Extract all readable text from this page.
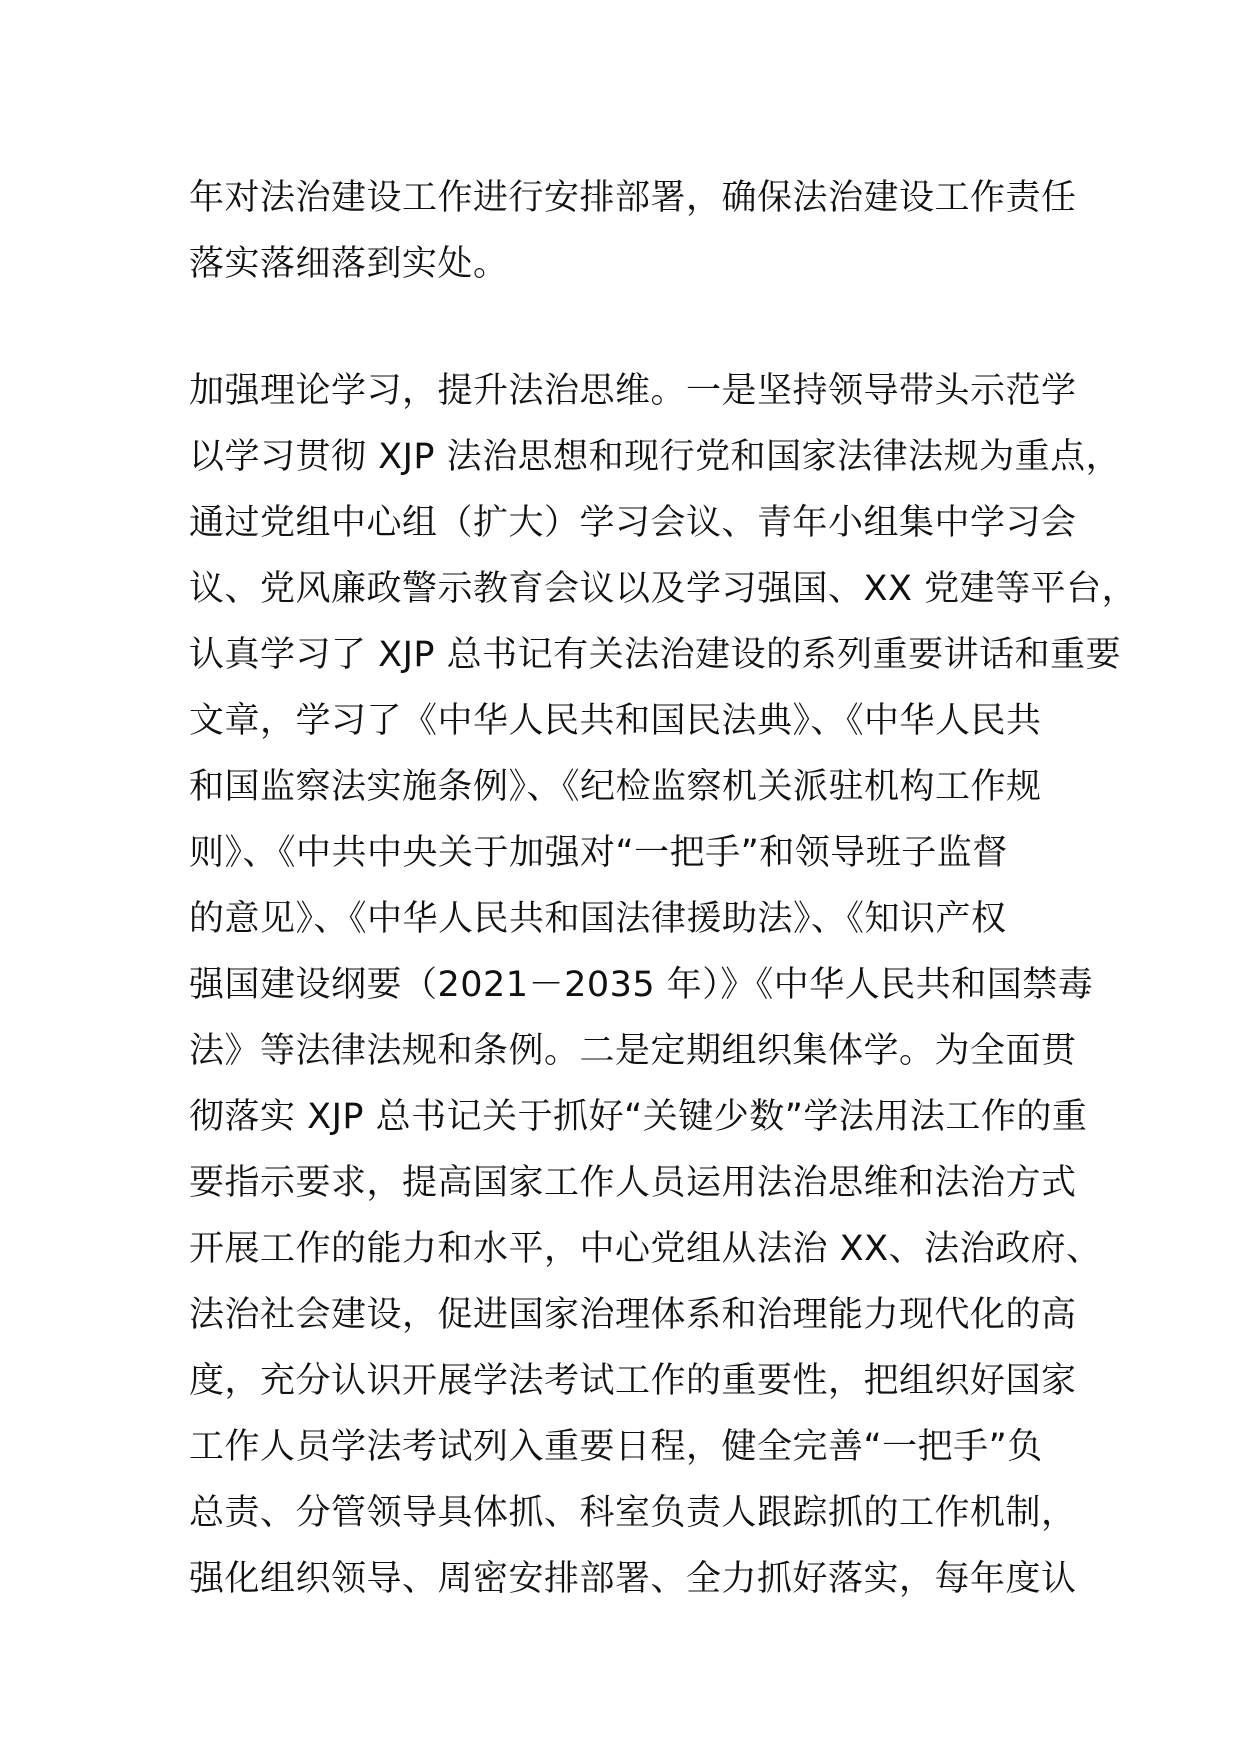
年对法治建设工作进行安排部署，确保法治建设工作责任
落实落细落到实处。
加强理论学习，提升法治思维。一是坚持领导带头示范学
以学习贯彻 XJP 法治思想和现行党和国家法律法规为重点，
通过党组中心组（扩大）学习会议、青年小组集中学习会
议、党风廉政警示教育会议以及学习强国、XX 党建等平台，
认真学习了 XJP 总书记有关法治建设的系列重要讲话和重要
文章，学习了《中华人民共和国民法典》、《中华人民共
和国监察法实施条例》、《纪检监察机关派驻机构工作规
则》、《中共中央关于加强对“一把手”和领导班子监督
的意见》、《中华人民共和国法律援助法》、《知识产权
强国建设纲要（2021－2035 年）》《中华人民共和国禁毒
法》等法律法规和条例。二是定期组织集体学。为全面贯
彻落实 XJP 总书记关于抓好“关键少数”学法用法工作的重
要指示要求，提高国家工作人员运用法治思维和法治方式
开展工作的能力和水平，中心党组从法治 XX、法治政府、
法治社会建设，促进国家治理体系和治理能力现代化的高
度，充分认识开展学法考试工作的重要性，把组织好国家
工作人员学法考试列入重要日程，健全完善“一把手”负
总责、分管领导具体抓、科室负责人跟踪抓的工作机制，
强化组织领导、周密安排部署、全力抓好落实，每年度认
